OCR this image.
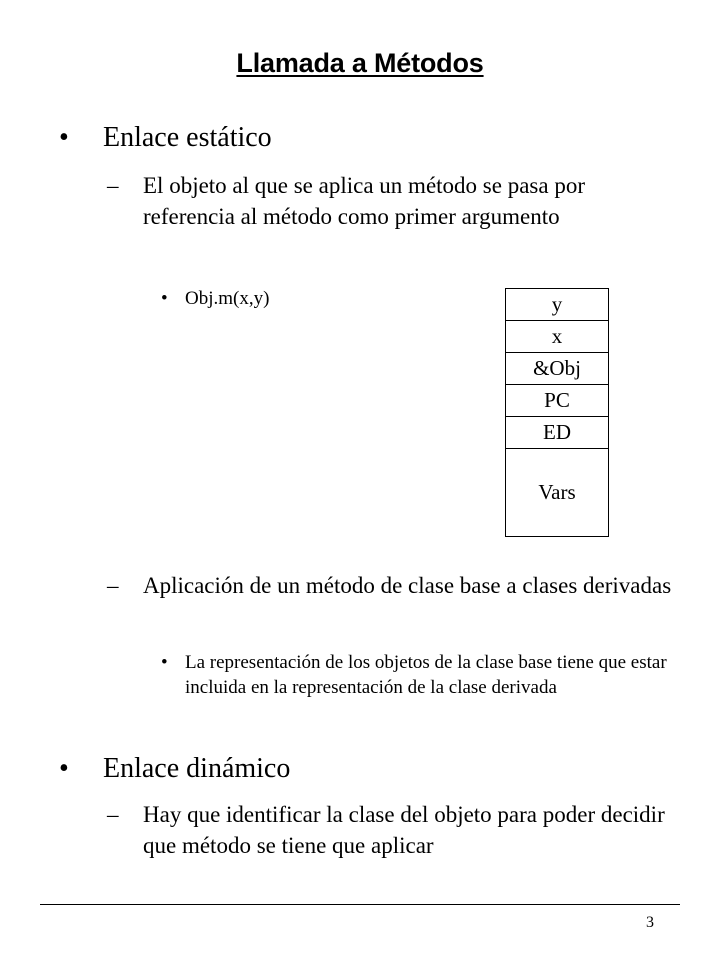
Llamada a Métodos
• Enlace estático
– El objeto al que se aplica un método se pasa por referencia al método como primer argumento
• Obj.m(x,y)	y
x
&Obj
PC
ED
Vars
– Aplicación de un método de clase base a clases derivadas
• La representación de los objetos de la clase base tiene que estar incluida en la representación de la clase derivada
• Enlace dinámico
– Hay que identificar la clase del objeto para poder decidir que método se tiene que aplicar
3
